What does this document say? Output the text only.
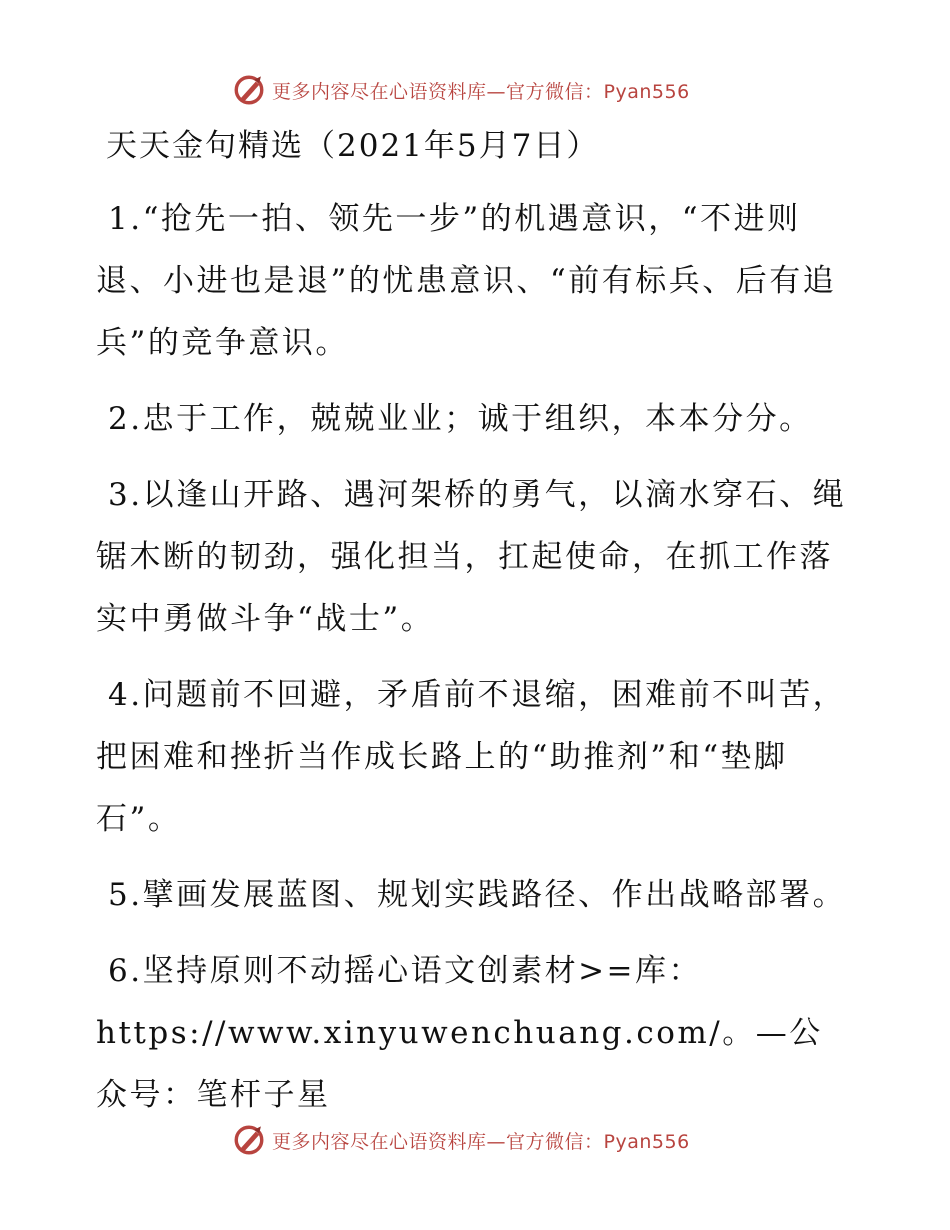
更多内容尽在心语资料库—官方微信：Pyan556
天天金句精选（2021年5月7日）

1.“抢先一拍、领先一步”的机遇意识，“不进则退、小进也是退”的忧患意识、“前有标兵、后有追兵”的竞争意识。

2.忠于工作，兢兢业业；诚于组织，本本分分。

3.以逢山开路、遇河架桥的勇气，以滴水穿石、绳锯木断的韧劲，强化担当，扛起使命，在抓工作落实中勇做斗争“战士”。

4.问题前不回避，矛盾前不退缩，困难前不叫苦，把困难和挫折当作成长路上的“助推剂”和“垫脚石”。

5.擘画发展蓝图、规划实践路径、作出战略部署。

6.坚持原则不动摇心语文创素材>=库：https://www.xinyuwenchuang.com/。—公众号：笔杆子星

更多内容尽在心语资料库—官方微信：Pyan556
